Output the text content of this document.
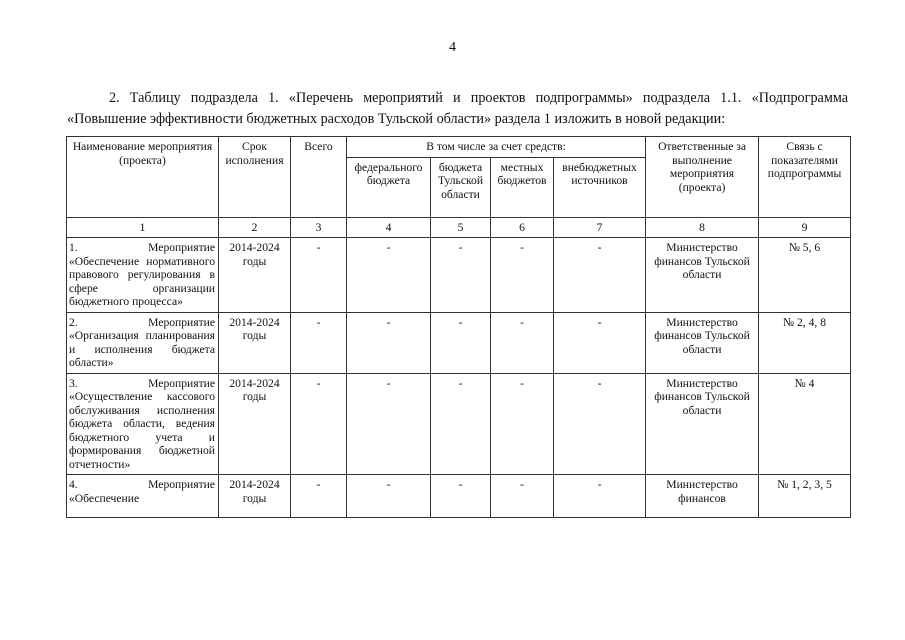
4

2. Таблицу подраздела 1. «Перечень мероприятий и проектов подпрограммы» подраздела 1.1. «Подпрограмма «Повышение эффективности бюджетных расходов Тульской области» раздела 1 изложить в новой редакции:

Наименование мероприятия (проекта)	Срок исполнения	Всего	В том числе за счет средств:				Ответственные за выполнение мероприятия (проекта)	Связь с показателями подпрограммы
			федерального бюджета	бюджета Тульской области	местных бюджетов	внебюджетных источников		
1	2	3	4	5	6	7	8	9
1. Мероприятие «Обеспечение нормативного правового регулирования в сфере организации бюджетного процесса»	2014-2024 годы	-	-	-	-	-	Министерство финансов Тульской области	№ 5, 6
2. Мероприятие «Организация планирования и исполнения бюджета области»	2014-2024 годы	-	-	-	-	-	Министерство финансов Тульской области	№ 2, 4, 8
3. Мероприятие «Осуществление кассового обслуживания исполнения бюджета области, ведения бюджетного учета и формирования бюджетной отчетности»	2014-2024 годы	-	-	-	-	-	Министерство финансов Тульской области	№ 4
4. Мероприятие «Обеспечение	2014-2024 годы	-	-	-	-	-	Министерство финансов	№ 1, 2, 3, 5
